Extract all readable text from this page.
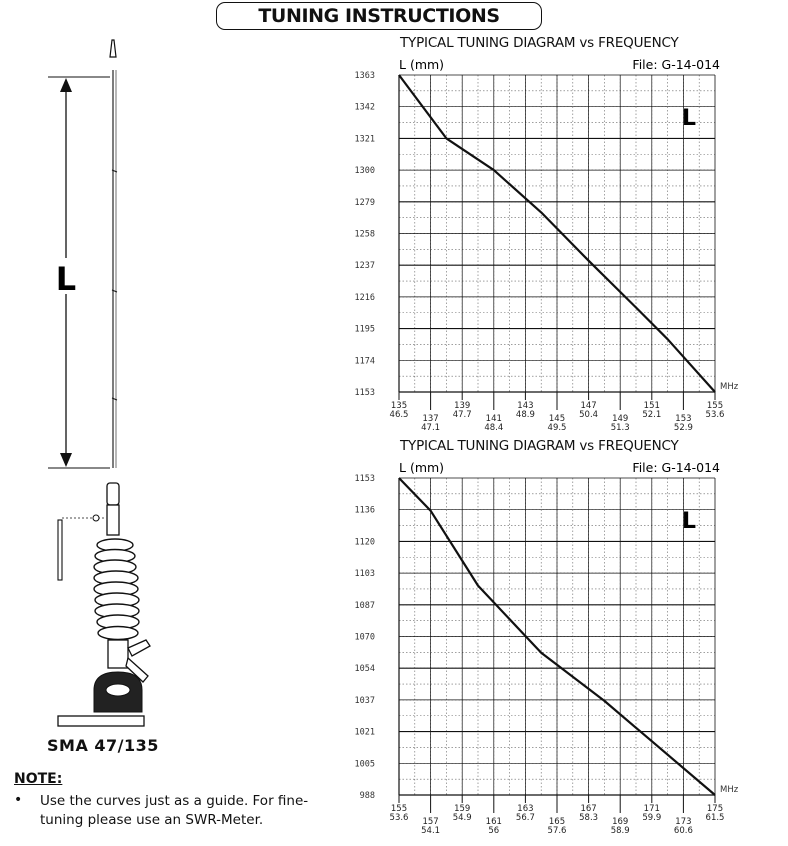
TUNING INSTRUCTIONS
L
SMA 47/135
NOTE:
•	Use the curves just as a guide. For fine-tuning please use an SWR-Meter.
TYPICAL TUNING DIAGRAM vs FREQUENCY
1363
1342
1321
1300
1279
1258
1237
1216
1195
1174
1153
L (mm)	File: G-14-014
L
MHz
135
46.5 137
47.1
139
47.7 141
48.4
143
48.9 145
49.5
147
50.4 149
51.3
151
52.1 153
52.9
155
53.6
TYPICAL TUNING DIAGRAM vs FREQUENCY
1153
1136
1120
1103
1087
1070
1054
1037
1021
1005
988
L (mm)	File: G-14-014
L
MHz
155
53.6 157
54.1
159
54.9 161
56
163
56.7 165
57.6
167
58.3 169
58.9
171
59.9 173
60.6
175
61.5
